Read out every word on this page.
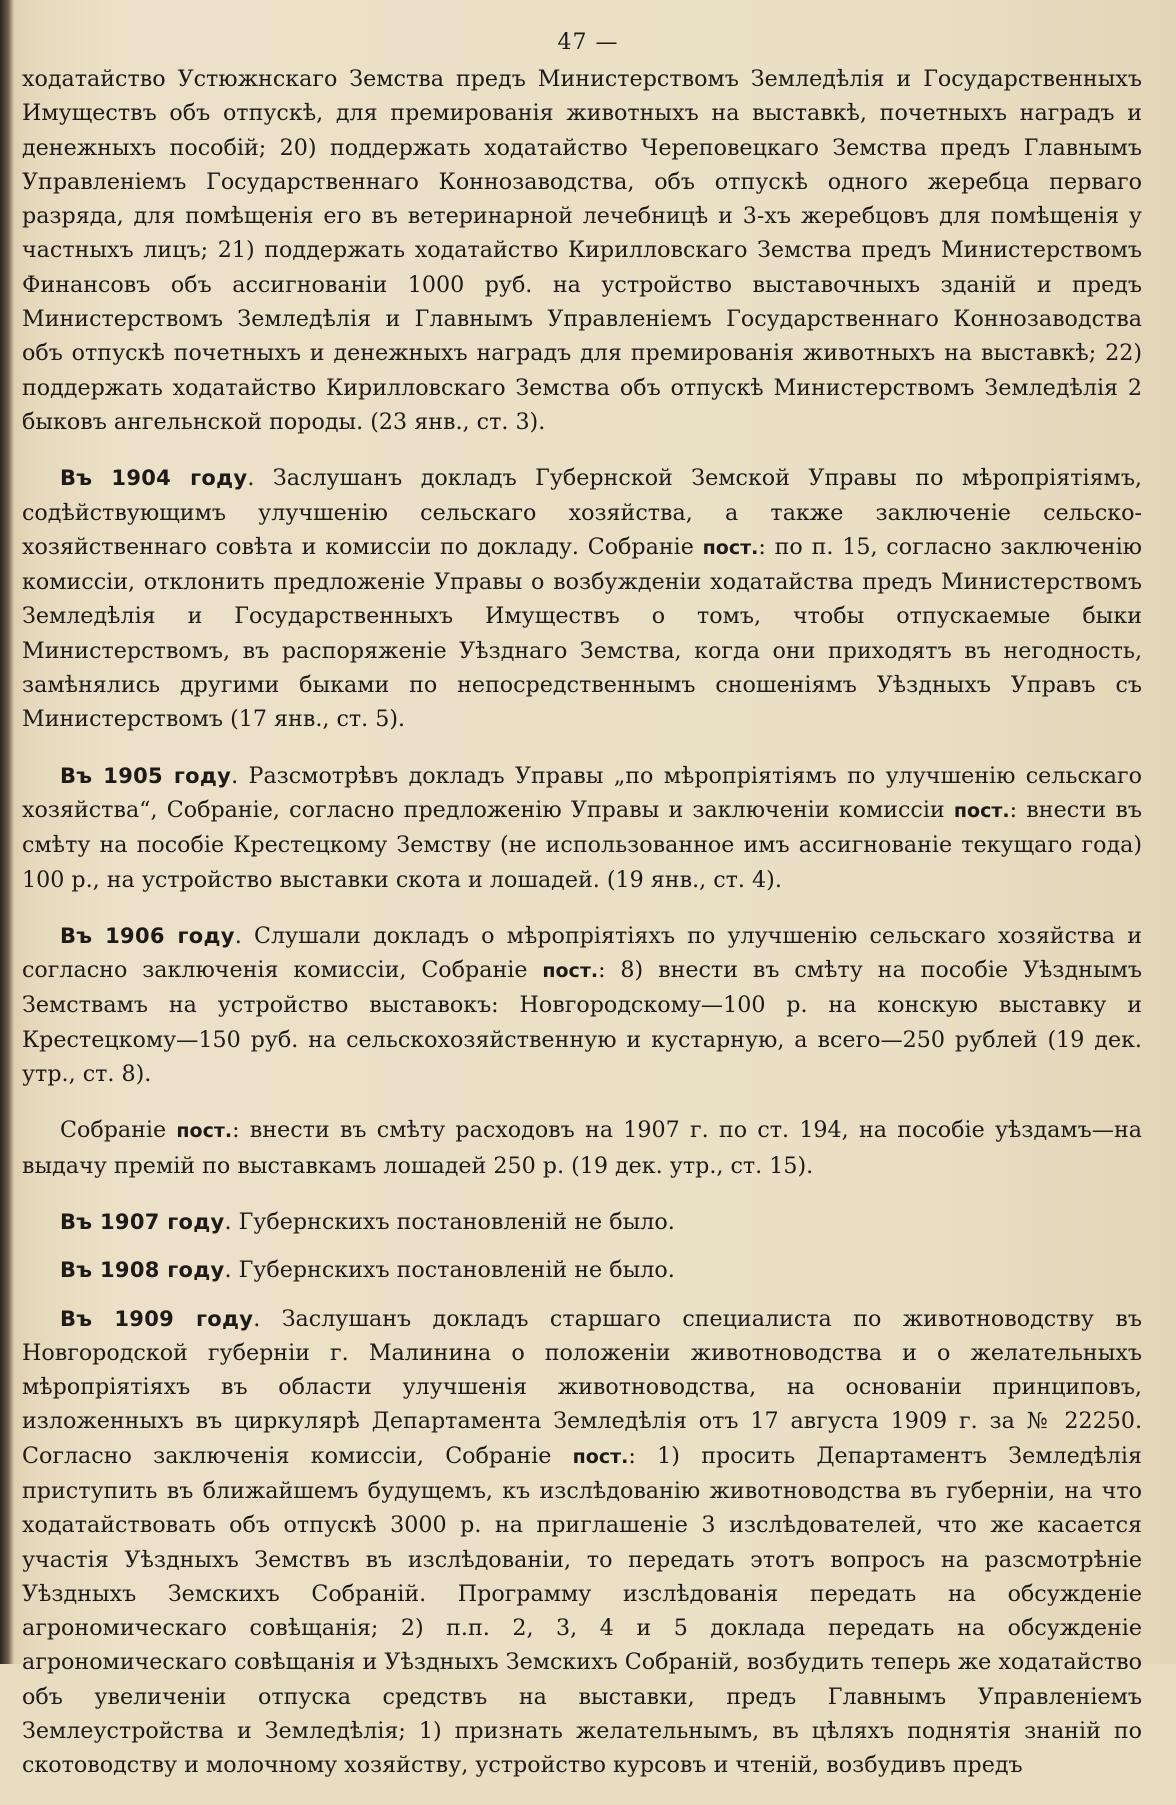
47 —

ходатайство Устюжнскаго Земства предъ Министерствомъ Земледѣлія и Государственныхъ Имуществъ объ отпускѣ, для премированія животныхъ на выставкѣ, почетныхъ наградъ и денежныхъ пособій; 20) поддержать ходатайство Череповецкаго Земства предъ Главнымъ Управленіемъ Государственнаго Коннозаводства, объ отпускѣ одного жеребца перваго разряда, для помѣщенія его въ ветеринарной лечебницѣ и 3-хъ жеребцовъ для помѣщенія у частныхъ лицъ; 21) поддержать ходатайство Кирилловскаго Земства предъ Министерствомъ Финансовъ объ ассигнованіи 1000 руб. на устройство выставочныхъ зданій и предъ Министерствомъ Земледѣлія и Главнымъ Управленіемъ Государственнаго Коннозаводства объ отпускѣ почетныхъ и денежныхъ наградъ для премированія животныхъ на выставкѣ; 22) поддержать ходатайство Кирилловскаго Земства объ отпускѣ Министерствомъ Земледѣлія 2 быковъ ангельнской породы. (23 янв., ст. 3).

Въ 1904 году. Заслушанъ докладъ Губернской Земской Управы по мѣропріятіямъ, содѣйствующимъ улучшенію сельскаго хозяйства, а также заключеніе сельско-хозяйственнаго совѣта и комиссіи по докладу. Собраніе пост.: по п. 15, согласно заключенію комиссіи, отклонить предложеніе Управы о возбужденіи ходатайства предъ Министерствомъ Земледѣлія и Государственныхъ Имуществъ о томъ, чтобы отпускаемые быки Министерствомъ, въ распоряженіе Уѣзднаго Земства, когда они приходятъ въ негодность, замѣнялись другими быками по непосредственнымъ сношеніямъ Уѣздныхъ Управъ съ Министерствомъ (17 янв., ст. 5).

Въ 1905 году. Разсмотрѣвъ докладъ Управы „по мѣропріятіямъ по улучшенію сельскаго хозяйства“, Собраніе, согласно предложенію Управы и заключеніи комиссіи пост.: внести въ смѣту на пособіе Крестецкому Земству (не использованное имъ ассигнованіе текущаго года) 100 р., на устройство выставки скота и лошадей. (19 янв., ст. 4).

Въ 1906 году. Слушали докладъ о мѣропріятіяхъ по улучшенію сельскаго хозяйства и согласно заключенія комиссіи, Собраніе пост.: 8) внести въ смѣту на пособіе Уѣзднымъ Земствамъ на устройство выставокъ: Новгородскому—100 р. на конскую выставку и Крестецкому—150 руб. на сельскохозяйственную и кустарную, а всего—250 рублей (19 дек. утр., ст. 8).

Собраніе пост.: внести въ смѣту расходовъ на 1907 г. по ст. 194, на пособіе уѣздамъ—на выдачу премій по выставкамъ лошадей 250 р. (19 дек. утр., ст. 15).

Въ 1907 году. Губернскихъ постановленій не было.

Въ 1908 году. Губернскихъ постановленій не было.

Въ 1909 году. Заслушанъ докладъ старшаго специалиста по животноводству въ Новгородской губерніи г. Малинина о положеніи животноводства и о желательныхъ мѣропріятіяхъ въ области улучшенія животноводства, на основаніи принциповъ, изложенныхъ въ циркулярѣ Департамента Земледѣлія отъ 17 августа 1909 г. за № 22250. Согласно заключенія комиссіи, Собраніе пост.: 1) просить Департаментъ Земледѣлія приступить въ ближайшемъ будущемъ, къ изслѣдованію животноводства въ губерніи, на что ходатайствовать объ отпускѣ 3000 р. на приглашеніе 3 изслѣдователей, что же касается участія Уѣздныхъ Земствъ въ изслѣдованіи, то передать этотъ вопросъ на разсмотрѣніе Уѣздныхъ Земскихъ Собраній. Программу изслѣдованія передать на обсужденіе агрономическаго совѣщанія; 2) п.п. 2, 3, 4 и 5 доклада передать на обсужденіе агрономическаго совѣщанія и Уѣздныхъ Земскихъ Собраній, возбудить теперь же ходатайство объ увеличеніи отпуска средствъ на выставки, предъ Главнымъ Управленіемъ Землеустройства и Земледѣлія; 1) признать желательнымъ, въ цѣляхъ поднятія знаній по скотоводству и молочному хозяйству, устройство курсовъ и чтеній, возбудивъ предъ
